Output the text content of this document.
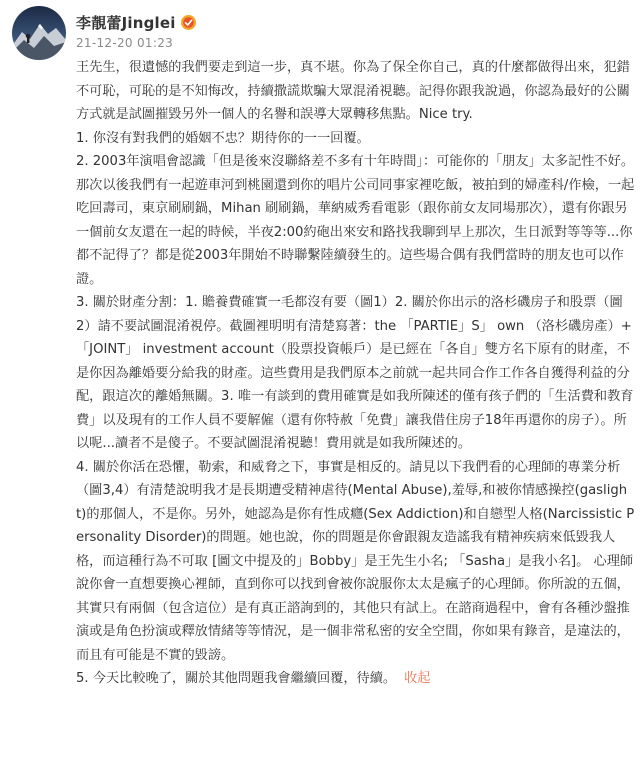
李靚蕾Jinglei
21-12-20 01:23

王先生，很遺憾的我們要走到這一步，真不堪。你為了保全你自己，真的什麼都做得出來，犯錯不可恥，可恥的是不知悔改，持續撒謊欺騙大眾混淆視聽。記得你跟我說過，你認為最好的公關方式就是試圖摧毀另外一個人的名譽和誤導大眾轉移焦點。Nice try.

1. 你沒有對我們的婚姻不忠？期待你的一一回覆。

2. 2003年演唱會認識「但是後來沒聯絡差不多有十年時間」：可能你的「朋友」太多記性不好。那次以後我們有一起遊車河到桃園還到你的唱片公司同事家裡吃飯，被拍到的婦產科/作檢，一起吃回壽司，東京刷刷鍋，Mihan 刷刷鍋，華納威秀看電影（跟你前女友同場那次），還有你跟另一個前女友還在一起的時候，半夜2:00約砲出來安和路找我聊到早上那次，生日派對等等等...你都不記得了？都是從2003年開始不時聯繫陸續發生的。這些場合偶有我們當時的朋友也可以作證。

3. 關於財產分割：1. 贍養費確實一毛都沒有要（圖1）2. 關於你出示的洛杉磯房子和股票（圖2）請不要試圖混淆視停。截圖裡明明有清楚寫著：the 「PARTIE」S」 own （洛杉磯房產）+ 「JOINT」 investment account（股票投資帳戶）是已經在「各自」雙方名下原有的財產，不是你因為離婚要分給我的財產。這些費用是我們原本之前就一起共同合作工作各自獲得利益的分配，跟這次的離婚無關。3. 唯一有談到的費用確實是如我所陳述的僅有孩子們的「生活費和教育費」以及現有的工作人員不要解僱（還有你特赦「免費」讓我借住房子18年再還你的房子）。所以呢...讀者不是傻子。不要試圖混淆視聽！費用就是如我所陳述的。

4. 關於你活在恐懼，勒索，和威脅之下，事實是相反的。請見以下我們看的心理師的專業分析（圖3,4）有清楚說明我才是長期遭受精神虐待(Mental Abuse),羞辱,和被你情感操控(gaslight)的那個人，不是你。另外，她認為是你有性成癮(Sex Addiction)和自戀型人格(Narcissistic Personality Disorder)的問題。她也說，你的問題是你會跟親友造謠我有精神疾病來低毀我人格，而這種行為不可取 [圖文中提及的」Bobby」是王先生小名; 「Sasha」是我小名]。 心理師說你會一直想要換心裡師，直到你可以找到會被你說服你太太是瘋子的心理師。你所說的五個，其實只有兩個（包含這位）是有真正諮詢到的，其他只有試上。在諮商過程中，會有各種沙盤推演或是角色扮演或釋放情緒等等情況，是一個非常私密的安全空間，你如果有錄音，是違法的，而且有可能是不實的毀謗。

5. 今天比較晚了，關於其他問題我會繼續回覆，待續。 收起
